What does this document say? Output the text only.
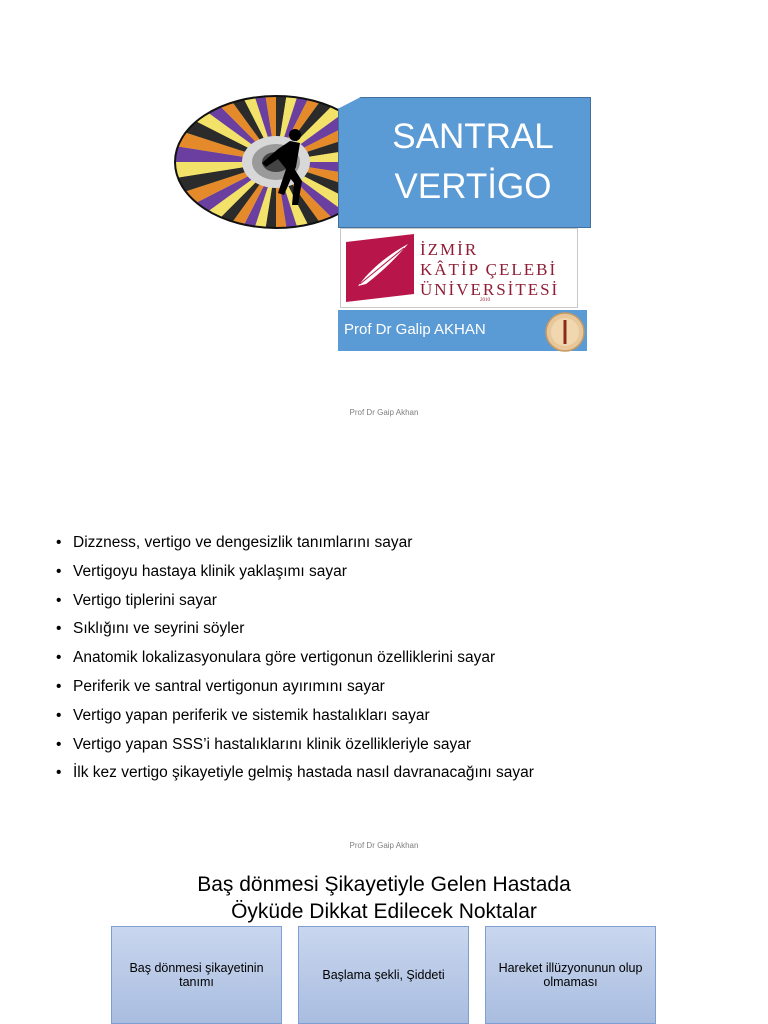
SANTRAL
VERTİGO
İZMİR
KÂTİP ÇELEBİ
ÜNİVERSİTESİ
2010
Prof Dr Galip AKHAN
Prof Dr Gaip Akhan
• Dizzness, vertigo ve dengesizlik tanımlarını sayar
• Vertigoyu hastaya klinik yaklaşımı sayar
• Vertigo tiplerini sayar
• Sıklığını ve seyrini söyler
• Anatomik lokalizasyonulara göre vertigonun özelliklerini sayar
• Periferik ve santral vertigonun ayırımını sayar
• Vertigo yapan periferik ve sistemik hastalıkları sayar
• Vertigo yapan SSS’i hastalıklarını klinik özellikleriyle sayar
• İlk kez vertigo şikayetiyle gelmiş hastada nasıl davranacağını sayar
Prof Dr Gaip Akhan
Baş dönmesi Şikayetiyle Gelen Hastada
Öyküde Dikkat Edilecek Noktalar
Baş dönmesi şikayetinin tanımı	Başlama şekli, Şiddeti	Hareket illüzyonunun olup olmaması
